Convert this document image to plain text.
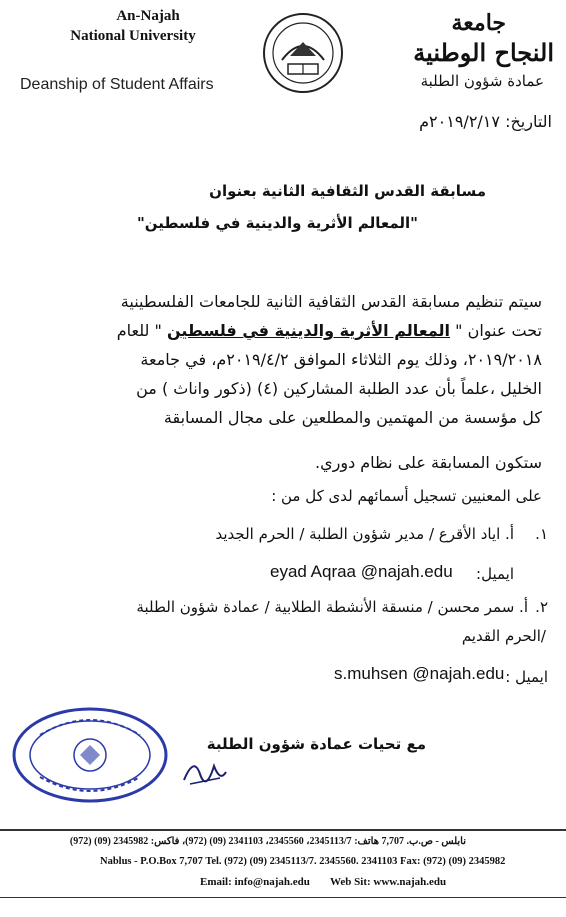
An-Najah
National University
Deanship of Student Affairs
جامعة
النجاح الوطنية
عمادة شؤون الطلبة
التاريخ: ٢٠١٩/٢/١٧م
مسابقة القدس الثقافية الثانية بعنوان
"المعالم الأثرية والدينية في فلسطين"
سيتم تنظيم مسابقة القدس الثقافية الثانية للجامعات الفلسطينية
تحت عنوان " المعالم الأثرية والدينية في فلسطين " للعام
٢٠١٩/٢٠١٨، وذلك يوم الثلاثاء الموافق ٢٠١٩/٤/٢م، في جامعة
الخليل ،علماً بأن عدد الطلبة المشاركين (٤) (ذكور واناث ) من
كل مؤسسة من المهتمين والمطلعين على مجال المسابقة
ستكون المسابقة على نظام دوري.
على المعنيين تسجيل أسمائهم لدى كل من :
١.
أ. اياد الأقرع / مدير شؤون الطلبة / الحرم الجديد
ايميل:
eyad Aqraa @najah.edu
٢.
أ. سمر محسن / منسقة الأنشطة الطلابية / عمادة شؤون الطلبة
/الحرم القديم
ايميل :
s.muhsen @najah.edu
مع تحيات عمادة شؤون الطلبة
نابلس - ص.ب. 7,707 هاتف: 2345113/7، 2345560، 2341103 (09) (972)، فاكس: 2345982 (09) (972)
Nablus - P.O.Box 7,707 Tel. (972) (09) 2345113/7. 2345560. 2341103 Fax: (972) (09) 2345982
Email: info@najah.edu Web Sit: www.najah.edu
